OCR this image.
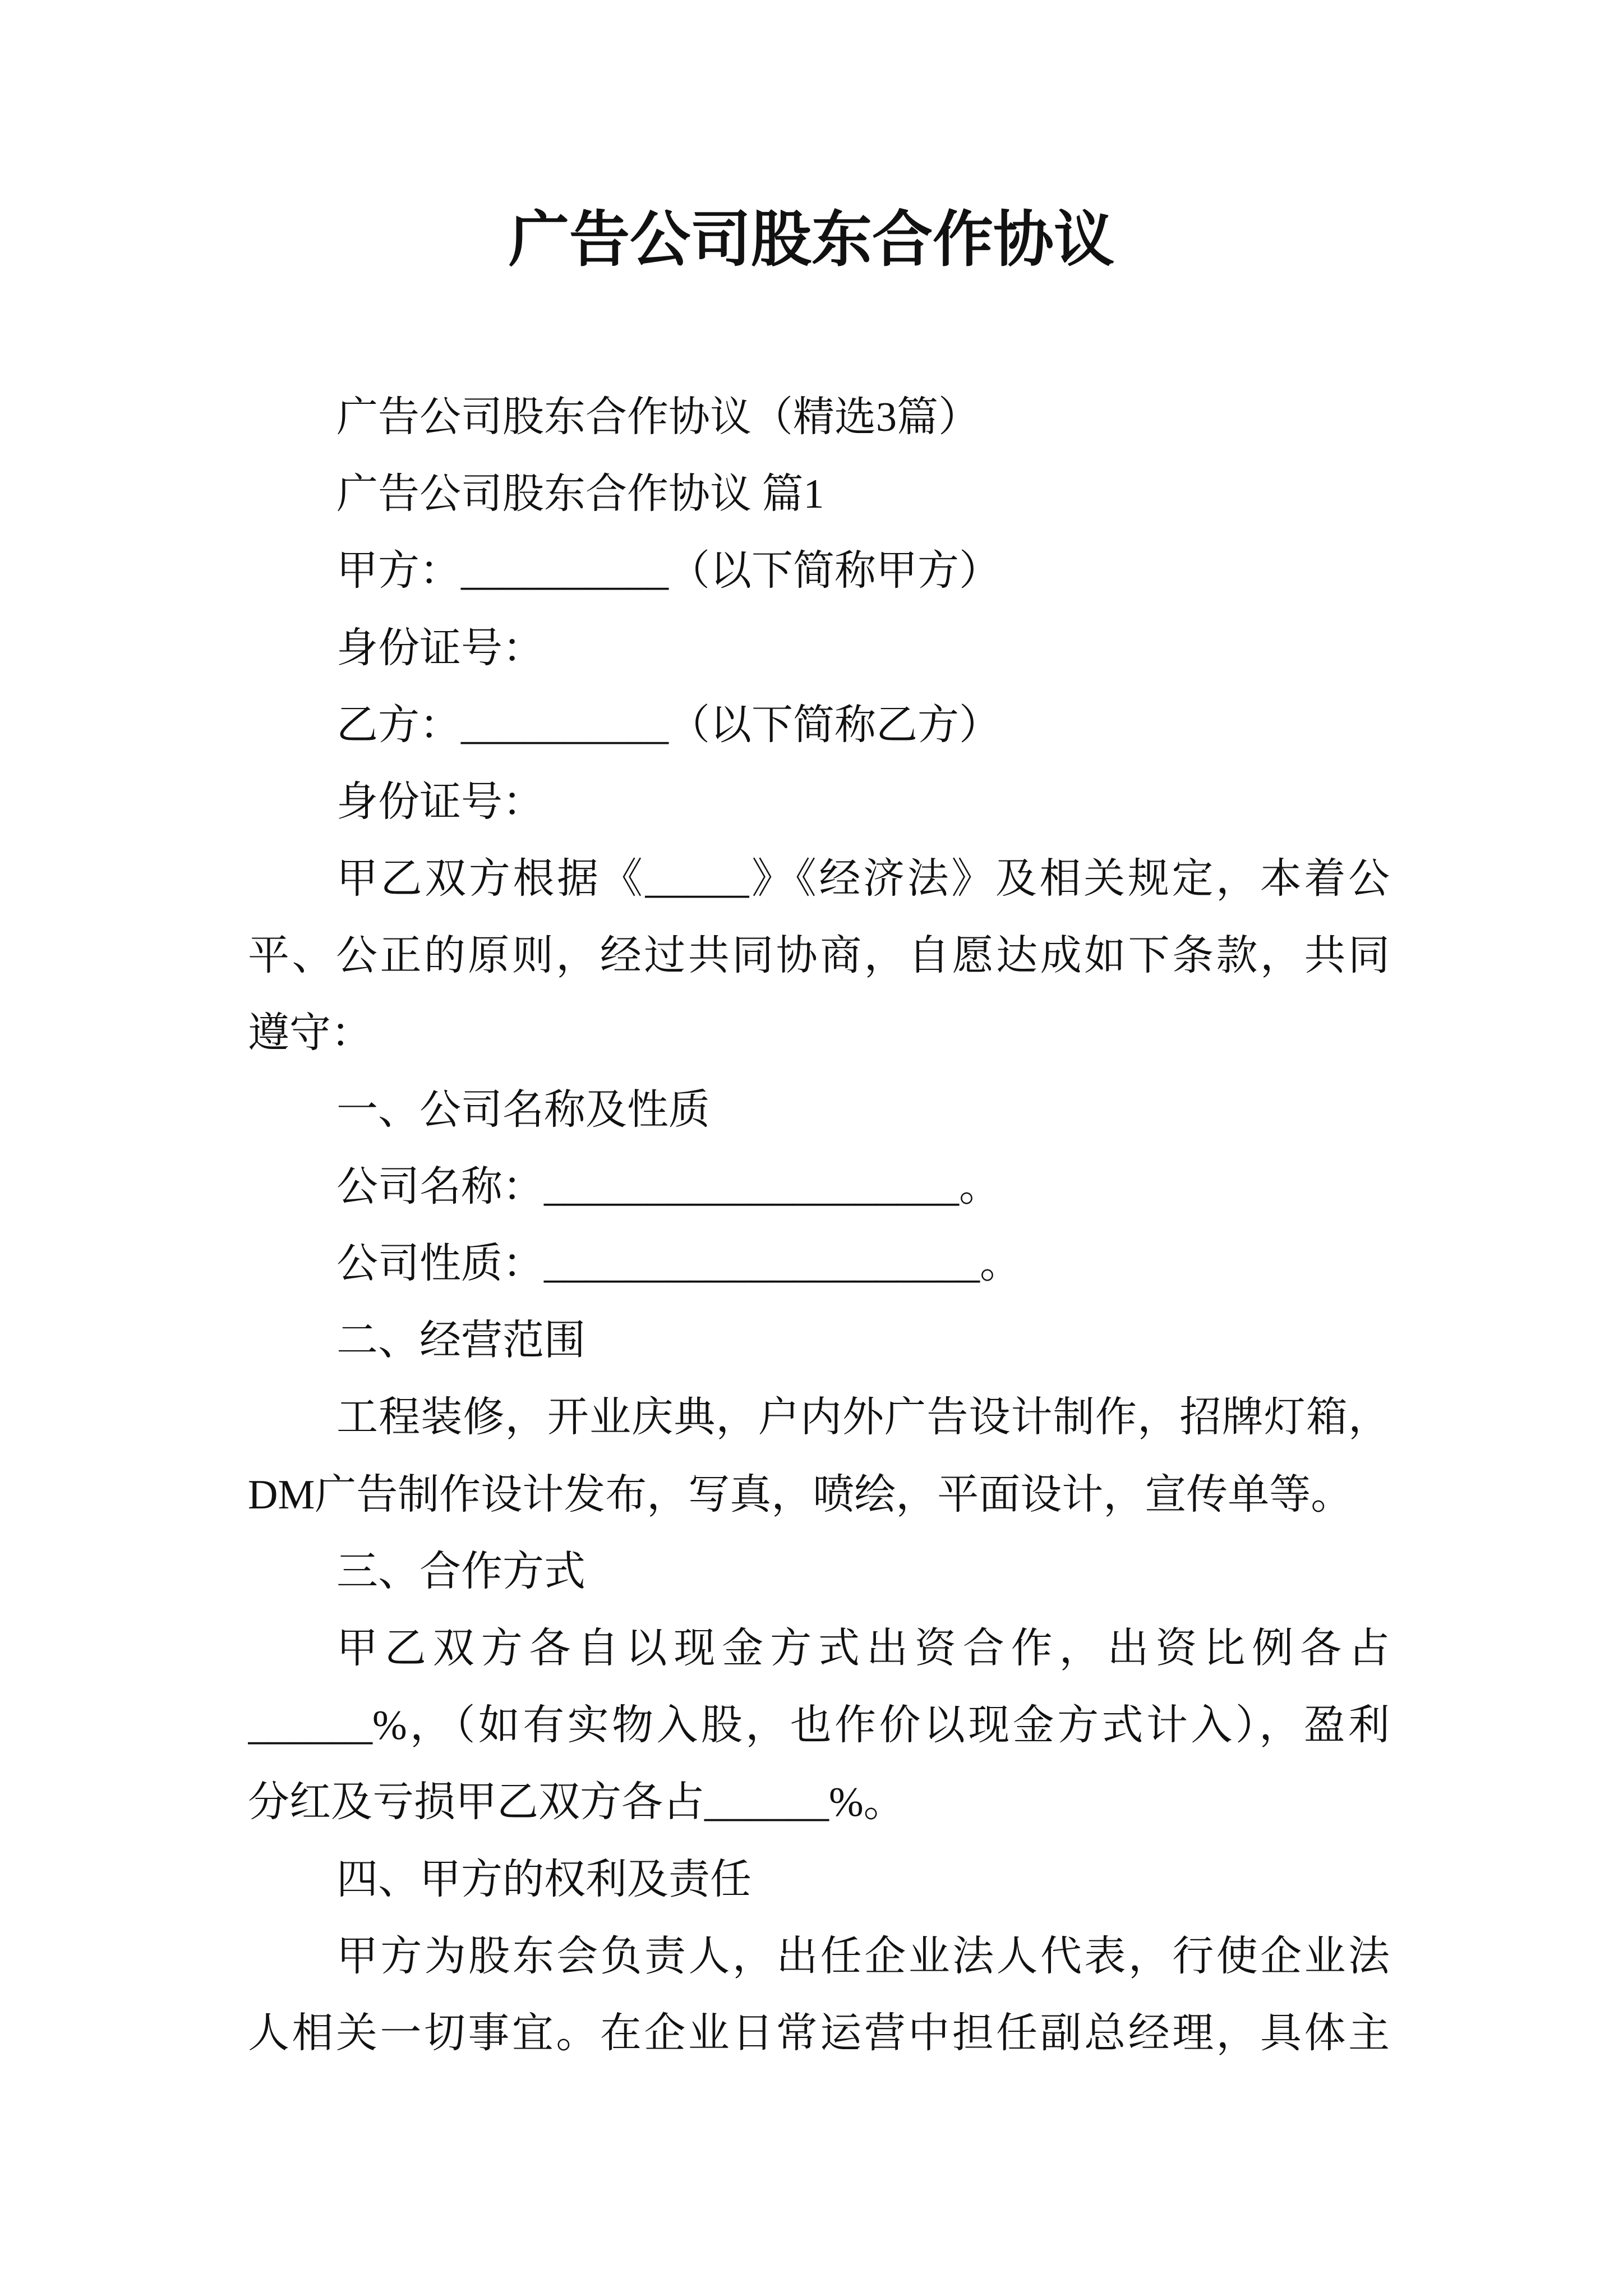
广告公司股东合作协议
广告公司股东合作协议（精选3篇）
广告公司股东合作协议 篇1
甲方：__________（以下简称甲方）
身份证号：
乙方：__________（以下简称乙方）
身份证号：
甲乙双方根据《_____》《经济法》及相关规定，本着公
平、公正的原则，经过共同协商，自愿达成如下条款，共同
遵守：
一、公司名称及性质
公司名称：____________________。
公司性质：_____________________。
二、经营范围
工程装修，开业庆典，户内外广告设计制作，招牌灯箱，
DM广告制作设计发布，写真，喷绘，平面设计，宣传单等。
三、合作方式
甲乙双方各自以现金方式出资合作，出资比例各占
______%，（如有实物入股，也作价以现金方式计入），盈利
分红及亏损甲乙双方各占______%。
四、甲方的权利及责任
甲方为股东会负责人，出任企业法人代表，行使企业法
人相关一切事宜。在企业日常运营中担任副总经理，具体主
